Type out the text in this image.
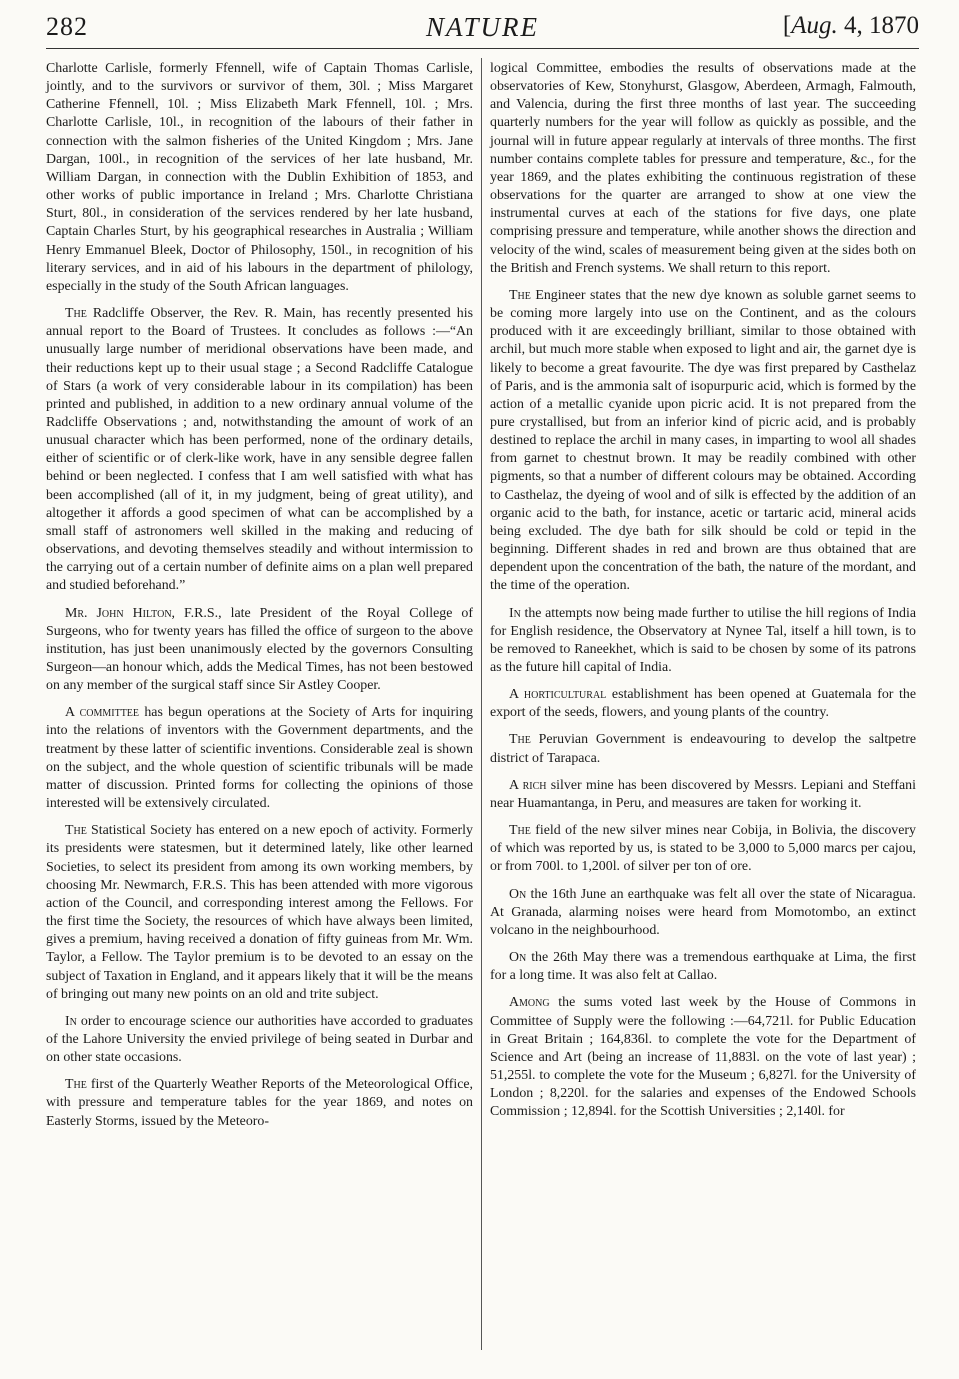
282	NATURE	[Aug. 4, 1870

Charlotte Carlisle, formerly Ffennell, wife of Captain Thomas Carlisle, jointly, and to the survivors or survivor of them, 30l. ; Miss Margaret Catherine Ffennell, 10l. ; Miss Elizabeth Mark Ffennell, 10l. ; Mrs. Charlotte Carlisle, 10l., in recognition of the labours of their father in connection with the salmon fisheries of the United Kingdom ; Mrs. Jane Dargan, 100l., in recognition of the services of her late husband, Mr. William Dargan, in connection with the Dublin Exhibition of 1853, and other works of public importance in Ireland ; Mrs. Charlotte Christiana Sturt, 80l., in consideration of the services rendered by her late husband, Captain Charles Sturt, by his geographical researches in Australia ; William Henry Emmanuel Bleek, Doctor of Philosophy, 150l., in recognition of his literary services, and in aid of his labours in the department of philology, especially in the study of the South African languages.

The Radcliffe Observer, the Rev. R. Main, has recently presented his annual report to the Board of Trustees. It concludes as follows :—“An unusually large number of meridional observations have been made, and their reductions kept up to their usual stage ; a Second Radcliffe Catalogue of Stars (a work of very considerable labour in its compilation) has been printed and published, in addition to a new ordinary annual volume of the Radcliffe Observations ; and, notwithstanding the amount of work of an unusual character which has been performed, none of the ordinary details, either of scientific or of clerk-like work, have in any sensible degree fallen behind or been neglected. I confess that I am well satisfied with what has been accomplished (all of it, in my judgment, being of great utility), and altogether it affords a good specimen of what can be accomplished by a small staff of astronomers well skilled in the making and reducing of observations, and devoting themselves steadily and without intermission to the carrying out of a certain number of definite aims on a plan well prepared and studied beforehand.”

Mr. John Hilton, F.R.S., late President of the Royal College of Surgeons, who for twenty years has filled the office of surgeon to the above institution, has just been unanimously elected by the governors Consulting Surgeon—an honour which, adds the Medical Times, has not been bestowed on any member of the surgical staff since Sir Astley Cooper.

A committee has begun operations at the Society of Arts for inquiring into the relations of inventors with the Government departments, and the treatment by these latter of scientific inventions. Considerable zeal is shown on the subject, and the whole question of scientific tribunals will be made matter of discussion. Printed forms for collecting the opinions of those interested will be extensively circulated.

The Statistical Society has entered on a new epoch of activity. Formerly its presidents were statesmen, but it determined lately, like other learned Societies, to select its president from among its own working members, by choosing Mr. Newmarch, F.R.S. This has been attended with more vigorous action of the Council, and corresponding interest among the Fellows. For the first time the Society, the resources of which have always been limited, gives a premium, having received a donation of fifty guineas from Mr. Wm. Taylor, a Fellow. The Taylor premium is to be devoted to an essay on the subject of Taxation in England, and it appears likely that it will be the means of bringing out many new points on an old and trite subject.

In order to encourage science our authorities have accorded to graduates of the Lahore University the envied privilege of being seated in Durbar and on other state occasions.

The first of the Quarterly Weather Reports of the Meteorological Office, with pressure and temperature tables for the year 1869, and notes on Easterly Storms, issued by the Meteoro-

logical Committee, embodies the results of observations made at the observatories of Kew, Stonyhurst, Glasgow, Aberdeen, Armagh, Falmouth, and Valencia, during the first three months of last year. The succeeding quarterly numbers for the year will follow as quickly as possible, and the journal will in future appear regularly at intervals of three months. The first number contains complete tables for pressure and temperature, &c., for the year 1869, and the plates exhibiting the continuous registration of these observations for the quarter are arranged to show at one view the instrumental curves at each of the stations for five days, one plate comprising pressure and temperature, while another shows the direction and velocity of the wind, scales of measurement being given at the sides both on the British and French systems. We shall return to this report.

The Engineer states that the new dye known as soluble garnet seems to be coming more largely into use on the Continent, and as the colours produced with it are exceedingly brilliant, similar to those obtained with archil, but much more stable when exposed to light and air, the garnet dye is likely to become a great favourite. The dye was first prepared by Casthelaz of Paris, and is the ammonia salt of isopurpuric acid, which is formed by the action of a metallic cyanide upon picric acid. It is not prepared from the pure crystallised, but from an inferior kind of picric acid, and is probably destined to replace the archil in many cases, in imparting to wool all shades from garnet to chestnut brown. It may be readily combined with other pigments, so that a number of different colours may be obtained. According to Casthelaz, the dyeing of wool and of silk is effected by the addition of an organic acid to the bath, for instance, acetic or tartaric acid, mineral acids being excluded. The dye bath for silk should be cold or tepid in the beginning. Different shades in red and brown are thus obtained that are dependent upon the concentration of the bath, the nature of the mordant, and the time of the operation.

In the attempts now being made further to utilise the hill regions of India for English residence, the Observatory at Nynee Tal, itself a hill town, is to be removed to Raneekhet, which is said to be chosen by some of its patrons as the future hill capital of India.

A horticultural establishment has been opened at Guatemala for the export of the seeds, flowers, and young plants of the country.

The Peruvian Government is endeavouring to develop the saltpetre district of Tarapaca.

A rich silver mine has been discovered by Messrs. Lepiani and Steffani near Huamantanga, in Peru, and measures are taken for working it.

The field of the new silver mines near Cobija, in Bolivia, the discovery of which was reported by us, is stated to be 3,000 to 5,000 marcs per cajou, or from 700l. to 1,200l. of silver per ton of ore.

On the 16th June an earthquake was felt all over the state of Nicaragua. At Granada, alarming noises were heard from Momotombo, an extinct volcano in the neighbourhood.

On the 26th May there was a tremendous earthquake at Lima, the first for a long time. It was also felt at Callao.

Among the sums voted last week by the House of Commons in Committee of Supply were the following :—64,721l. for Public Education in Great Britain ; 164,836l. to complete the vote for the Department of Science and Art (being an increase of 11,883l. on the vote of last year) ; 51,255l. to complete the vote for the Museum ; 6,827l. for the University of London ; 8,220l. for the salaries and expenses of the Endowed Schools Commission ; 12,894l. for the Scottish Universities ; 2,140l. for
